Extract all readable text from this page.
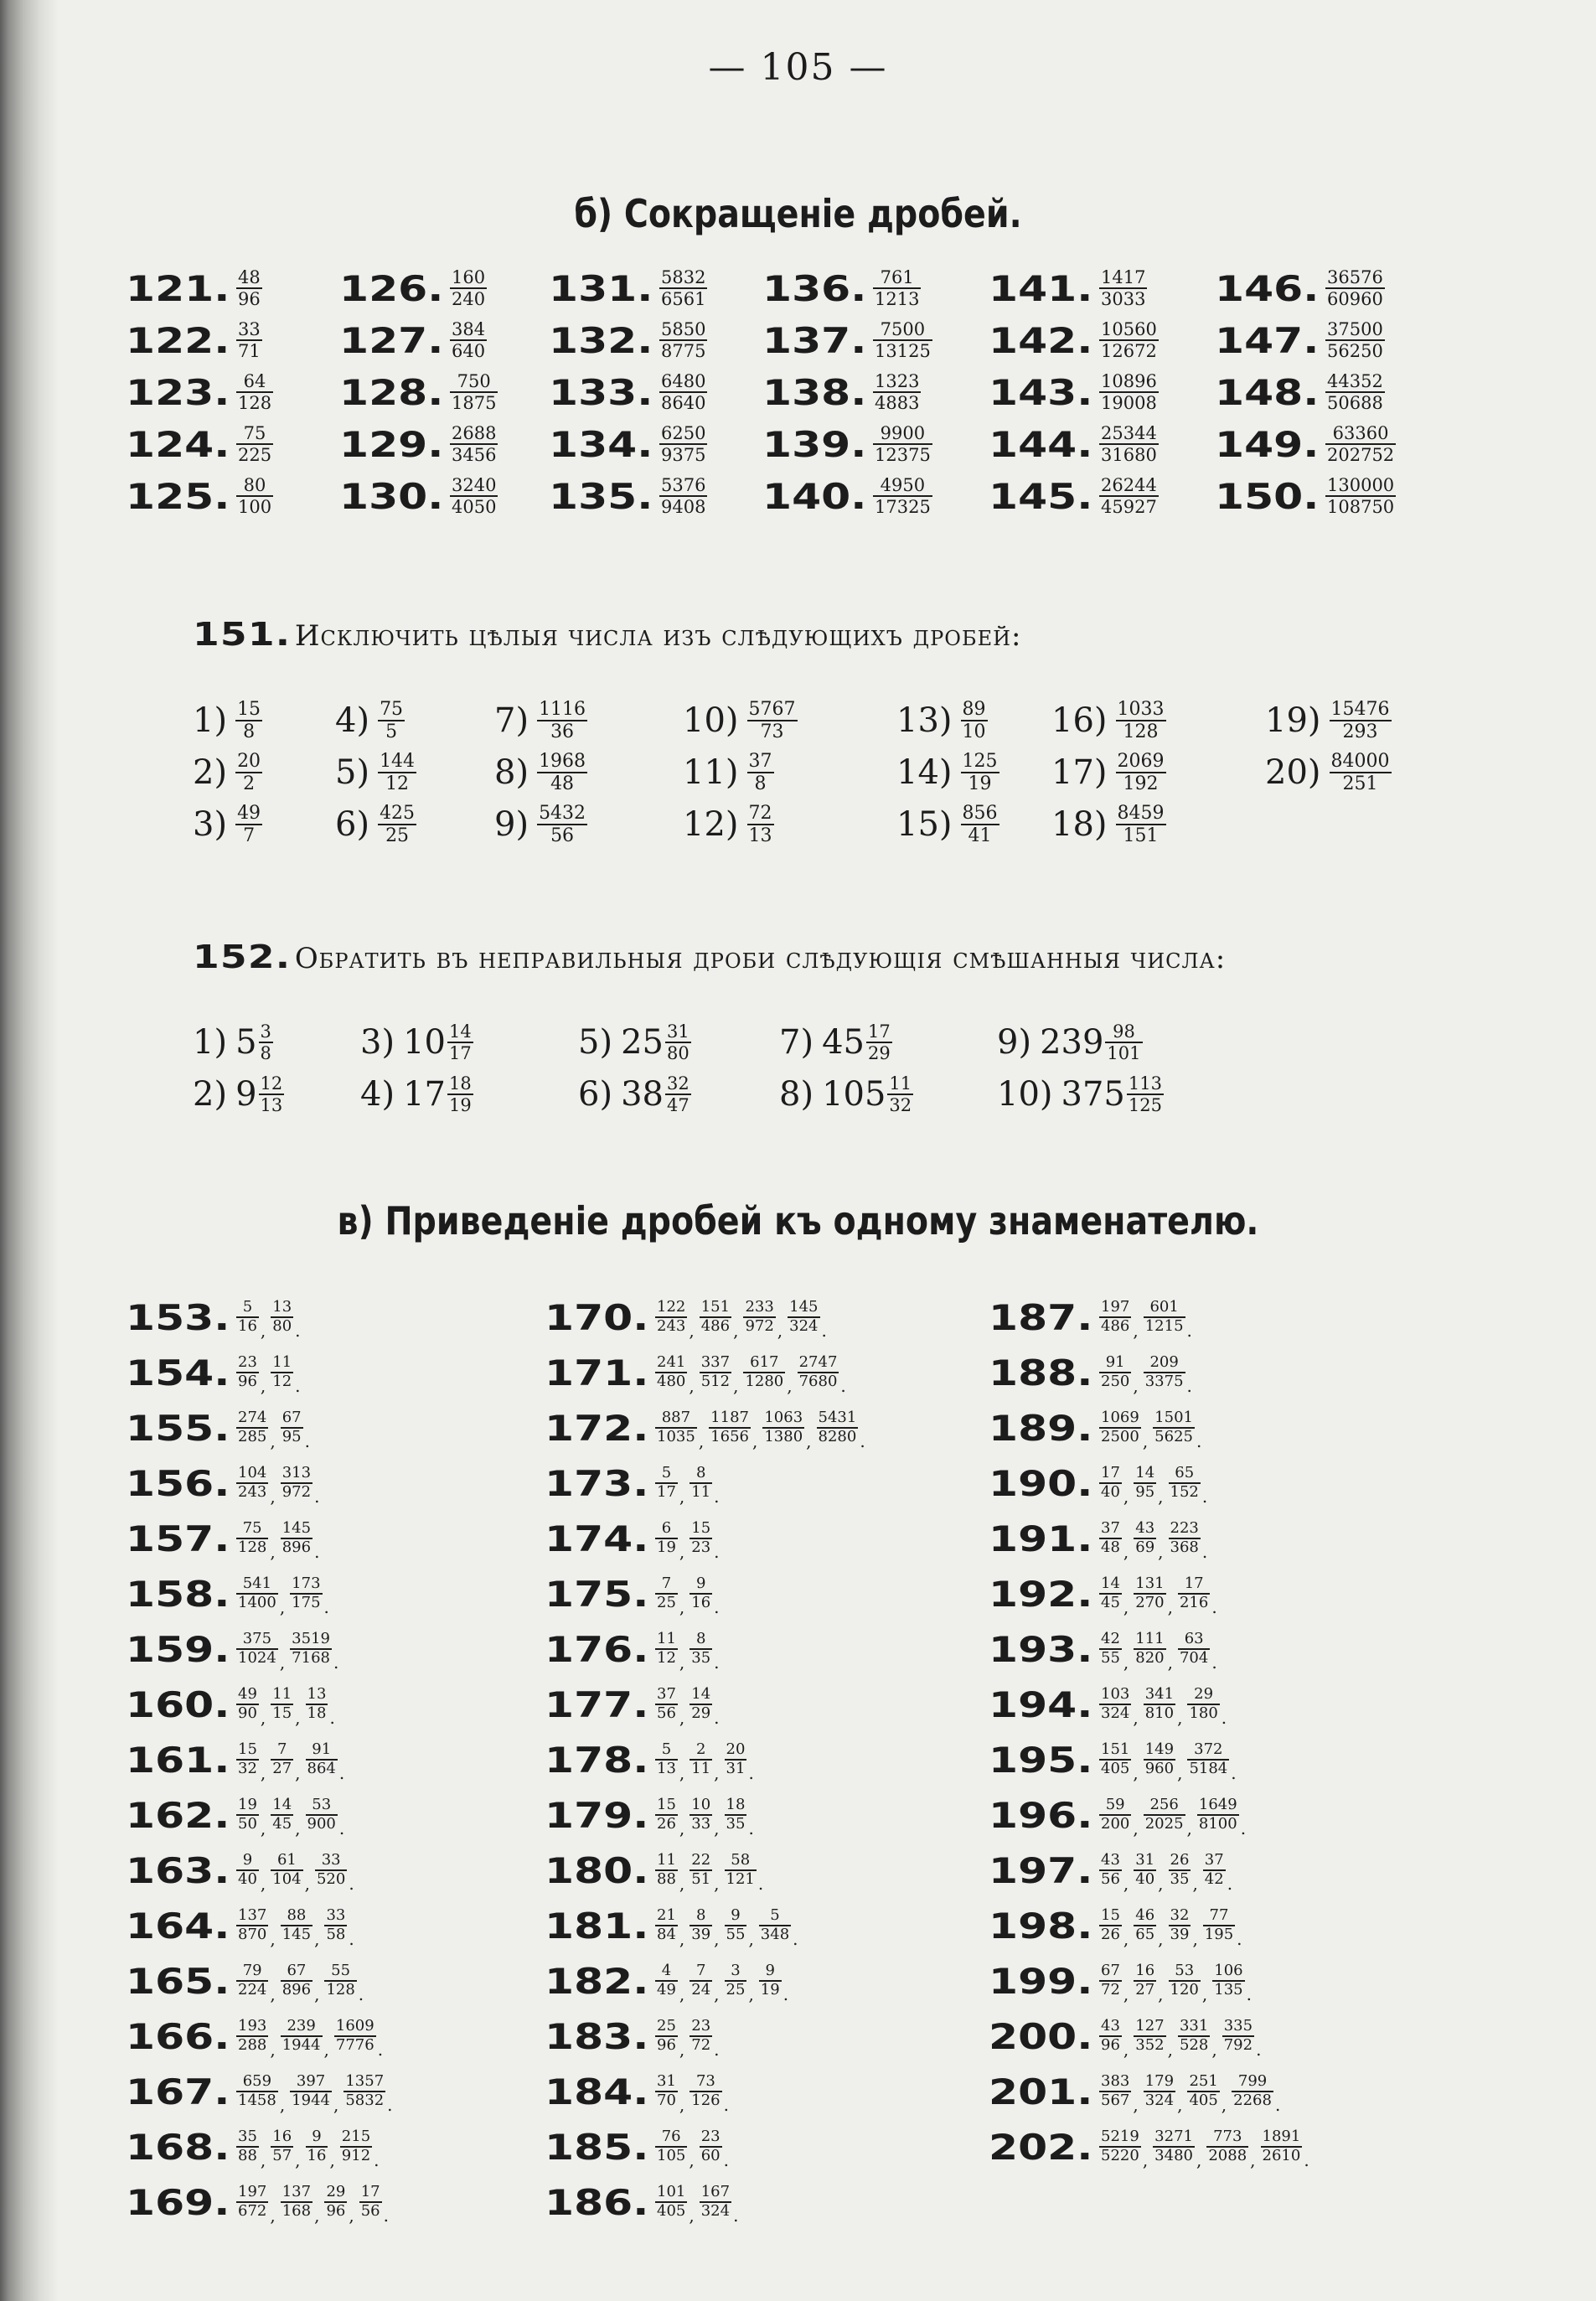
— 105 —
б) Сокращеніе дробей.
121. $\frac{48}{96}$
122. $\frac{33}{71}$
123. $\frac{64}{128}$
124. $\frac{75}{225}$
125. $\frac{80}{100}$
126. $\frac{160}{240}$
127. $\frac{384}{640}$
128. $\frac{750}{1875}$
129. $\frac{2688}{3456}$
130. $\frac{3240}{4050}$
131. $\frac{5832}{6561}$
132. $\frac{5850}{8775}$
133. $\frac{6480}{8640}$
134. $\frac{6250}{9375}$
135. $\frac{5376}{9408}$
136. $\frac{761}{1213}$
137. $\frac{7500}{13125}$
138. $\frac{1323}{4883}$
139. $\frac{9900}{12375}$
140. $\frac{4950}{17325}$
141. $\frac{1417}{3033}$
142. $\frac{10560}{12672}$
143. $\frac{10896}{19008}$
144. $\frac{25344}{31680}$
145. $\frac{26244}{45927}$
146. $\frac{36576}{60960}$
147. $\frac{37500}{56250}$
148. $\frac{44352}{50688}$
149. $\frac{63360}{202752}$
150. $\frac{130000}{108750}$
151. Исключить цѣлыя числа изъ слѣдующихъ дробей:
$1) \frac{15}{8}$
$2) \frac{20}{2}$
$3) \frac{49}{7}$
$4) \frac{75}{5}$
$5) \frac{144}{12}$
$6) \frac{425}{25}$
$7) \frac{1116}{36}$
$8) \frac{1968}{48}$
$9) \frac{5432}{56}$
$10) \frac{5767}{73}$
$11) \frac{37}{8}$
$12) \frac{72}{13}$
$13) \frac{89}{10}$
$14) \frac{125}{19}$
$15) \frac{856}{41}$
$16) \frac{1033}{128}$
$17) \frac{2069}{192}$
$18) \frac{8459}{151}$
$19) \frac{15476}{293}$
$20) \frac{84000}{251}$
152. Обратить въ неправильныя дроби слѣдующія смѣшанныя числа:
1) $5 \frac{3}{8}$
2) $9 \frac{12}{13}$
3) $10 \frac{14}{17}$
4) $17 \frac{18}{19}$
5) $25 \frac{31}{80}$
6) $38 \frac{32}{47}$
7) $45 \frac{17}{29}$
8) $105 \frac{11}{32}$
9) $239 \frac{98}{101}$
10) $375 \frac{113}{125}$
в) Приведеніе дробей къ одному знаменателю.
153. $\frac{5}{16}$ , $\frac{13}{80}$ .
154. $\frac{23}{96}$ , $\frac{11}{12}$ .
155. $\frac{274}{285}$ , $\frac{67}{95}$ .
156. $\frac{104}{243}$ , $\frac{313}{972}$ .
157. $\frac{75}{128}$ , $\frac{145}{896}$ .
158. $\frac{541}{1400}$ , $\frac{173}{175}$ .
159. $\frac{375}{1024}$ , $\frac{3519}{7168}$ .
160. $\frac{49}{90}$ , $\frac{11}{15}$ , $\frac{13}{18}$ .
161. $\frac{15}{32}$ , $\frac{7}{27}$ , $\frac{91}{864}$ .
162. $\frac{19}{50}$ , $\frac{14}{45}$ , $\frac{53}{900}$ .
163. $\frac{9}{40}$ , $\frac{61}{104}$ , $\frac{33}{520}$ .
164. $\frac{137}{870}$ , $\frac{88}{145}$ , $\frac{33}{58}$ .
165. $\frac{79}{224}$ , $\frac{67}{896}$ , $\frac{55}{128}$ .
166. $\frac{193}{288}$ , $\frac{239}{1944}$ , $\frac{1609}{7776}$ .
167. $\frac{659}{1458}$ , $\frac{397}{1944}$ , $\frac{1357}{5832}$ .
168. $\frac{35}{88}$ , $\frac{16}{57}$ , $\frac{9}{16}$ , $\frac{215}{912}$ .
169. $\frac{197}{672}$ , $\frac{137}{168}$ , $\frac{29}{96}$ , $\frac{17}{56}$ .
170. $\frac{122}{243}$ , $\frac{151}{486}$ , $\frac{233}{972}$ , $\frac{145}{324}$ .
171. $\frac{241}{480}$ , $\frac{337}{512}$ , $\frac{617}{1280}$ , $\frac{2747}{7680}$ .
172. $\frac{887}{1035}$ , $\frac{1187}{1656}$ , $\frac{1063}{1380}$ , $\frac{5431}{8280}$ .
173. $\frac{5}{17}$ , $\frac{8}{11}$ .
174. $\frac{6}{19}$ , $\frac{15}{23}$ .
175. $\frac{7}{25}$ , $\frac{9}{16}$ .
176. $\frac{11}{12}$ , $\frac{8}{35}$ .
177. $\frac{37}{56}$ , $\frac{14}{29}$ .
178. $\frac{5}{13}$ , $\frac{2}{11}$ , $\frac{20}{31}$ .
179. $\frac{15}{26}$ , $\frac{10}{33}$ , $\frac{18}{35}$ .
180. $\frac{11}{88}$ , $\frac{22}{51}$ , $\frac{58}{121}$ .
181. $\frac{21}{84}$ , $\frac{8}{39}$ , $\frac{9}{55}$ , $\frac{5}{348}$ .
182. $\frac{4}{49}$ , $\frac{7}{24}$ , $\frac{3}{25}$ , $\frac{9}{19}$ .
183. $\frac{25}{96}$ , $\frac{23}{72}$ .
184. $\frac{31}{70}$ , $\frac{73}{126}$ .
185. $\frac{76}{105}$ , $\frac{23}{60}$ .
186. $\frac{101}{405}$ , $\frac{167}{324}$ .
187. $\frac{197}{486}$ , $\frac{601}{1215}$ .
188. $\frac{91}{250}$ , $\frac{209}{3375}$ .
189. $\frac{1069}{2500}$ , $\frac{1501}{5625}$ .
190. $\frac{17}{40}$ , $\frac{14}{95}$ , $\frac{65}{152}$ .
191. $\frac{37}{48}$ , $\frac{43}{69}$ , $\frac{223}{368}$ .
192. $\frac{14}{45}$ , $\frac{131}{270}$ , $\frac{17}{216}$ .
193. $\frac{42}{55}$ , $\frac{111}{820}$ , $\frac{63}{704}$ .
194. $\frac{103}{324}$ , $\frac{341}{810}$ , $\frac{29}{180}$ .
195. $\frac{151}{405}$ , $\frac{149}{960}$ , $\frac{372}{5184}$ .
196. $\frac{59}{200}$ , $\frac{256}{2025}$ , $\frac{1649}{8100}$ .
197. $\frac{43}{56}$ , $\frac{31}{40}$ , $\frac{26}{35}$ , $\frac{37}{42}$ .
198. $\frac{15}{26}$ , $\frac{46}{65}$ , $\frac{32}{39}$ , $\frac{77}{195}$ .
199. $\frac{67}{72}$ , $\frac{16}{27}$ , $\frac{53}{120}$ , $\frac{106}{135}$ .
200. $\frac{43}{96}$ , $\frac{127}{352}$ , $\frac{331}{528}$ , $\frac{335}{792}$ .
201. $\frac{383}{567}$ , $\frac{179}{324}$ , $\frac{251}{405}$ , $\frac{799}{2268}$ .
202. $\frac{5219}{5220}$ , $\frac{3271}{3480}$ , $\frac{773}{2088}$ , $\frac{1891}{2610}$ .
